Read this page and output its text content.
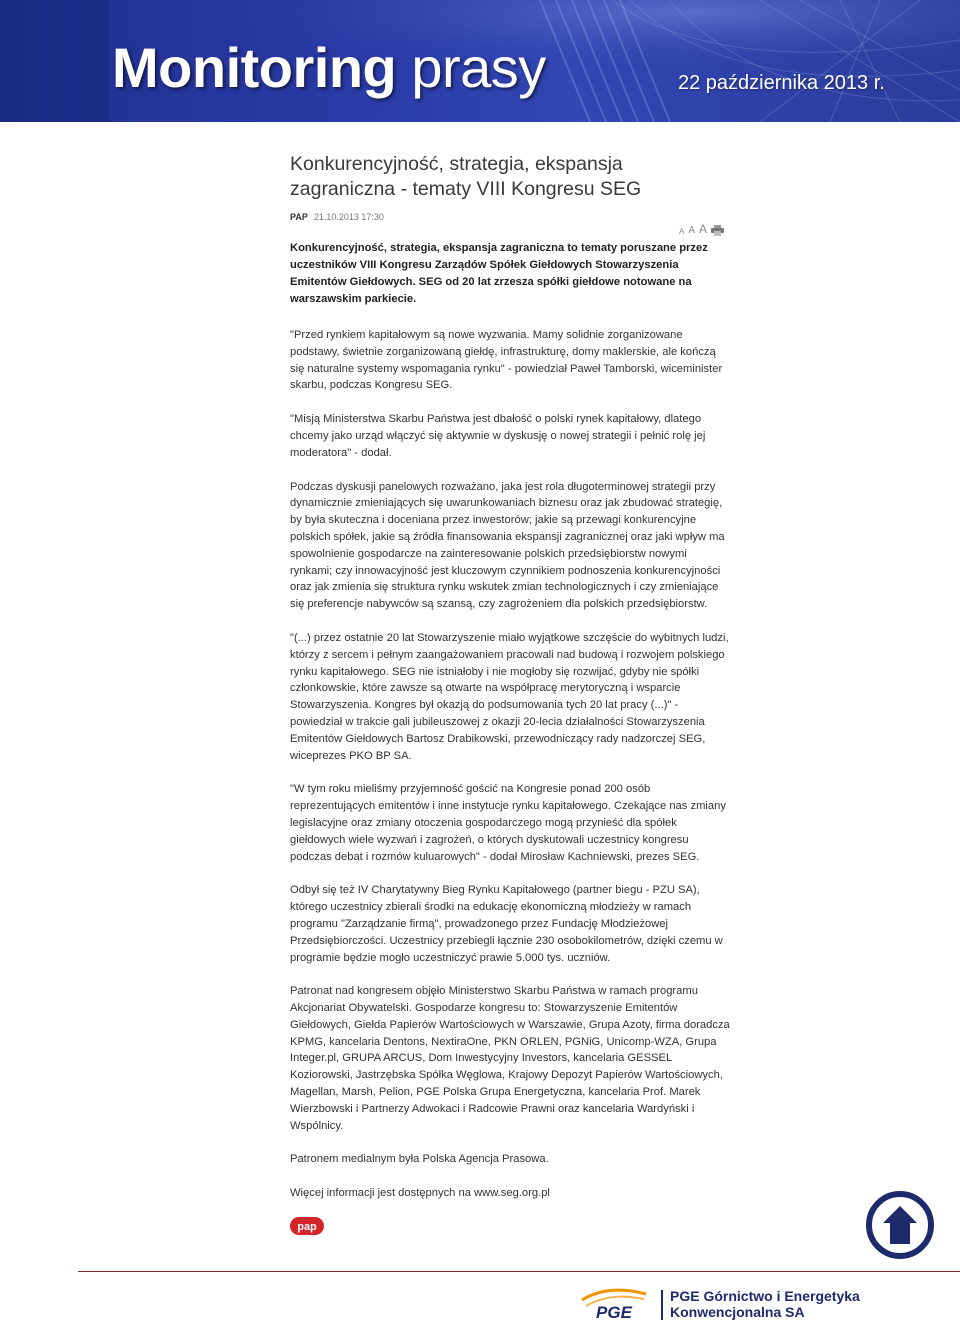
Monitoring prasy	22 października 2013 r.
Konkurencyjność, strategia, ekspansja
zagraniczna - tematy VIII Kongresu SEG
PAP 21.10.2013 17:30
A A A
Konkurencyjność, strategia, ekspansja zagraniczna to tematy poruszane przez uczestników VIII Kongresu Zarządów Spółek Giełdowych Stowarzyszenia Emitentów Giełdowych. SEG od 20 lat zrzesza spółki giełdowe notowane na warszawskim parkiecie.

"Przed rynkiem kapitałowym są nowe wyzwania. Mamy solidnie zorganizowane podstawy, świetnie zorganizowaną giełdę, infrastrukturę, domy maklerskie, ale kończą się naturalne systemy wspomagania rynku" - powiedział Paweł Tamborski, wiceminister skarbu, podczas Kongresu SEG.

"Misją Ministerstwa Skarbu Państwa jest dbałość o polski rynek kapitałowy, dlatego chcemy jako urząd włączyć się aktywnie w dyskusję o nowej strategii i pełnić rolę jej moderatora" - dodał.

Podczas dyskusji panelowych rozważano, jaka jest rola długoterminowej strategii przy dynamicznie zmieniających się uwarunkowaniach biznesu oraz jak zbudować strategię, by była skuteczna i doceniana przez inwestorów; jakie są przewagi konkurencyjne polskich spółek, jakie są źródła finansowania ekspansji zagranicznej oraz jaki wpływ ma spowolnienie gospodarcze na zainteresowanie polskich przedsiębiorstw nowymi rynkami; czy innowacyjność jest kluczowym czynnikiem podnoszenia konkurencyjności oraz jak zmienia się struktura rynku wskutek zmian technologicznych i czy zmieniające się preferencje nabywców są szansą, czy zagrożeniem dla polskich przedsiębiorstw.

"(...) przez ostatnie 20 lat Stowarzyszenie miało wyjątkowe szczęście do wybitnych ludzi, którzy z sercem i pełnym zaangażowaniem pracowali nad budową i rozwojem polskiego rynku kapitałowego. SEG nie istniałoby i nie mogłoby się rozwijać, gdyby nie spółki członkowskie, które zawsze są otwarte na współpracę merytoryczną i wsparcie Stowarzyszenia. Kongres był okazją do podsumowania tych 20 lat pracy (...)" - powiedział w trakcie gali jubileuszowej z okazji 20-lecia działalności Stowarzyszenia Emitentów Giełdowych Bartosz Drabikowski, przewodniczący rady nadzorczej SEG, wiceprezes PKO BP SA.

"W tym roku mieliśmy przyjemność gościć na Kongresie ponad 200 osób reprezentujących emitentów i inne instytucje rynku kapitałowego. Czekające nas zmiany legislacyjne oraz zmiany otoczenia gospodarczego mogą przynieść dla spółek giełdowych wiele wyzwań i zagrożeń, o których dyskutowali uczestnicy kongresu podczas debat i rozmów kuluarowych" - dodał Mirosław Kachniewski, prezes SEG.

Odbył się też IV Charytatywny Bieg Rynku Kapitałowego (partner biegu - PZU SA), którego uczestnicy zbierali środki na edukację ekonomiczną młodzieży w ramach programu "Zarządzanie firmą", prowadzonego przez Fundację Młodzieżowej Przedsiębiorczości. Uczestnicy przebiegli łącznie 230 osobokilometrów, dzięki czemu w programie będzie mogło uczestniczyć prawie 5.000 tys. uczniów.

Patronat nad kongresem objęło Ministerstwo Skarbu Państwa w ramach programu Akcjonariat Obywatelski. Gospodarze kongresu to: Stowarzyszenie Emitentów Giełdowych, Giełda Papierów Wartościowych w Warszawie, Grupa Azoty, firma doradcza KPMG, kancelaria Dentons, NextiraOne, PKN ORLEN, PGNiG, Unicomp-WZA, Grupa Integer.pl, GRUPA ARCUS, Dom Inwestycyjny Investors, kancelaria GESSEL Koziorowski, Jastrzębska Spółka Węglowa, Krajowy Depozyt Papierów Wartościowych, Magellan, Marsh, Pelion, PGE Polska Grupa Energetyczna, kancelaria Prof. Marek Wierzbowski i Partnerzy Adwokaci i Radcowie Prawni oraz kancelaria Wardyński i Wspólnicy.

Patronem medialnym była Polska Agencja Prasowa.

Więcej informacji jest dostępnych na www.seg.org.pl

pap
PGE
PGE Górnictwo i Energetyka
Konwencjonalna SA
